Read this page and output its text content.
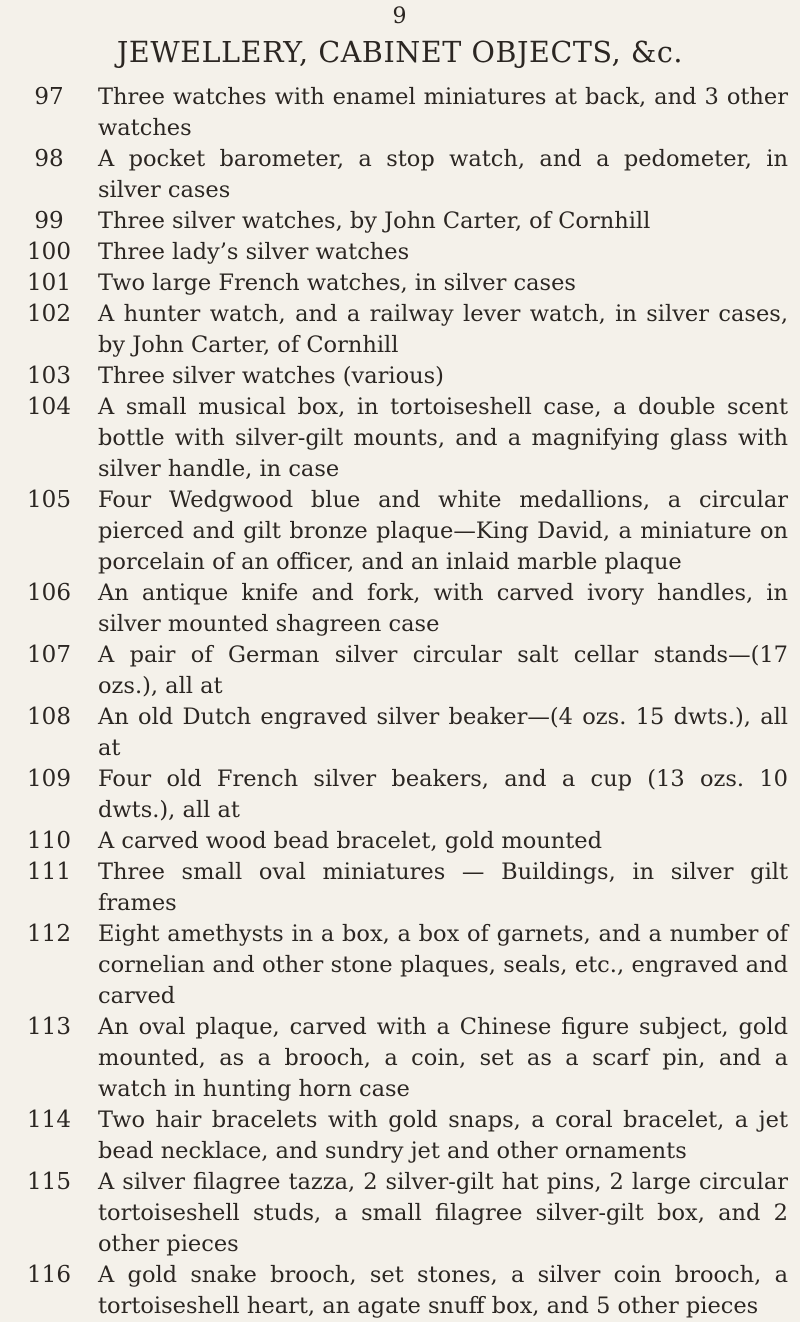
9
JEWELLERY, CABINET OBJECTS, &c.
97	Three watches with enamel miniatures at back, and 3 other watches
98	A pocket barometer, a stop watch, and a pedometer, in silver cases
99	Three silver watches, by John Carter, of Cornhill
100	Three lady’s silver watches
101	Two large French watches, in silver cases
102	A hunter watch, and a railway lever watch, in silver cases, by John Carter, of Cornhill
103	Three silver watches (various)
104	A small musical box, in tortoiseshell case, a double scent bottle with silver-gilt mounts, and a magnifying glass with silver handle, in case
105	Four Wedgwood blue and white medallions, a circular pierced and gilt bronze plaque—King David, a miniature on porcelain of an officer, and an inlaid marble plaque
106	An antique knife and fork, with carved ivory handles, in silver mounted shagreen case
107	A pair of German silver circular salt cellar stands—(17 ozs.), all at
108	An old Dutch engraved silver beaker—(4 ozs. 15 dwts.), all at
109	Four old French silver beakers, and a cup (13 ozs. 10 dwts.), all at
110	A carved wood bead bracelet, gold mounted
111	Three small oval miniatures — Buildings, in silver gilt frames
112	Eight amethysts in a box, a box of garnets, and a number of cornelian and other stone plaques, seals, etc., engraved and carved
113	An oval plaque, carved with a Chinese figure subject, gold mounted, as a brooch, a coin, set as a scarf pin, and a watch in hunting horn case
114	Two hair bracelets with gold snaps, a coral bracelet, a jet bead necklace, and sundry jet and other ornaments
115	A silver filagree tazza, 2 silver-gilt hat pins, 2 large circular tortoiseshell studs, a small filagree silver-gilt box, and 2 other pieces
116	A gold snake brooch, set stones, a silver coin brooch, a tortoiseshell heart, an agate snuff box, and 5 other pieces
